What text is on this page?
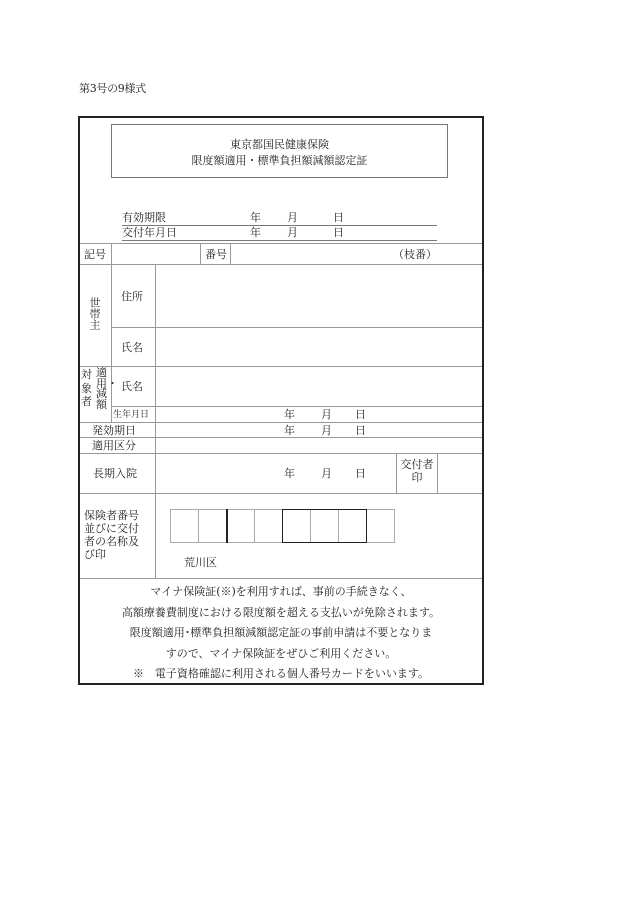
第3号の9様式
東京都国民健康保険
限度額適用・標準負担額減額認定証
有効期限	年 月	日
交付年月日	年 月	日
記号	番号	（枝番）
世帯主
住所
氏名
対象者
適用・減額
氏名
生年月日	年 月 日
発効期日	年 月 日
適用区分
長期入院	年 月 日
交付者
印
保険者番号
並びに交付
者の名称及
び印
荒川区
マイナ保険証(※)を利用すれば、事前の手続きなく、
高額療養費制度における限度額を超える支払いが免除されます。
限度額適用･標準負担額減額認定証の事前申請は不要となりま
すので、マイナ保険証をぜひご利用ください。
※　電子資格確認に利用される個人番号カードをいいます。
